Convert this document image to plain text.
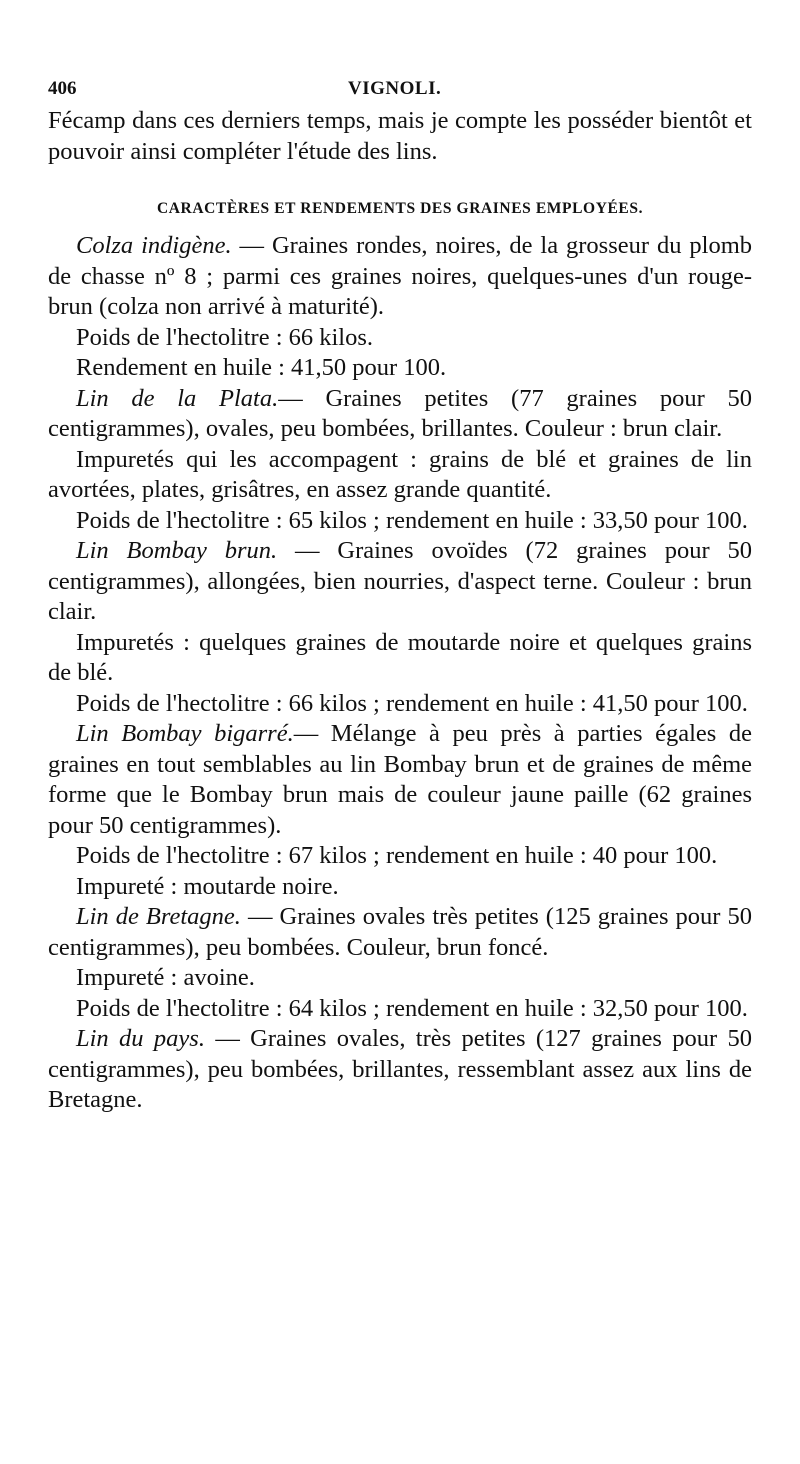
406	VIGNOLI.

Fécamp dans ces derniers temps, mais je compte les posséder bientôt et pouvoir ainsi compléter l'étude des lins.

CARACTÈRES ET RENDEMENTS DES GRAINES EMPLOYÉES.

Colza indigène. — Graines rondes, noires, de la grosseur du plomb de chasse nº 8 ; parmi ces graines noires, quelques-unes d'un rouge-brun (colza non arrivé à maturité).

Poids de l'hectolitre : 66 kilos.

Rendement en huile : 41,50 pour 100.

Lin de la Plata.— Graines petites (77 graines pour 50 centigrammes), ovales, peu bombées, brillantes. Couleur : brun clair.

Impuretés qui les accompagent : grains de blé et graines de lin avortées, plates, grisâtres, en assez grande quantité.

Poids de l'hectolitre : 65 kilos ; rendement en huile : 33,50 pour 100.

Lin Bombay brun. — Graines ovoïdes (72 graines pour 50 centigrammes), allongées, bien nourries, d'aspect terne. Couleur : brun clair.

Impuretés : quelques graines de moutarde noire et quelques grains de blé.

Poids de l'hectolitre : 66 kilos ; rendement en huile : 41,50 pour 100.

Lin Bombay bigarré.— Mélange à peu près à parties égales de graines en tout semblables au lin Bombay brun et de graines de même forme que le Bombay brun mais de couleur jaune paille (62 graines pour 50 centigrammes).

Poids de l'hectolitre : 67 kilos ; rendement en huile : 40 pour 100.

Impureté : moutarde noire.

Lin de Bretagne. — Graines ovales très petites (125 graines pour 50 centigrammes), peu bombées. Couleur, brun foncé.

Impureté : avoine.

Poids de l'hectolitre : 64 kilos ; rendement en huile : 32,50 pour 100.

Lin du pays. — Graines ovales, très petites (127 graines pour 50 centigrammes), peu bombées, brillantes, ressemblant assez aux lins de Bretagne.
